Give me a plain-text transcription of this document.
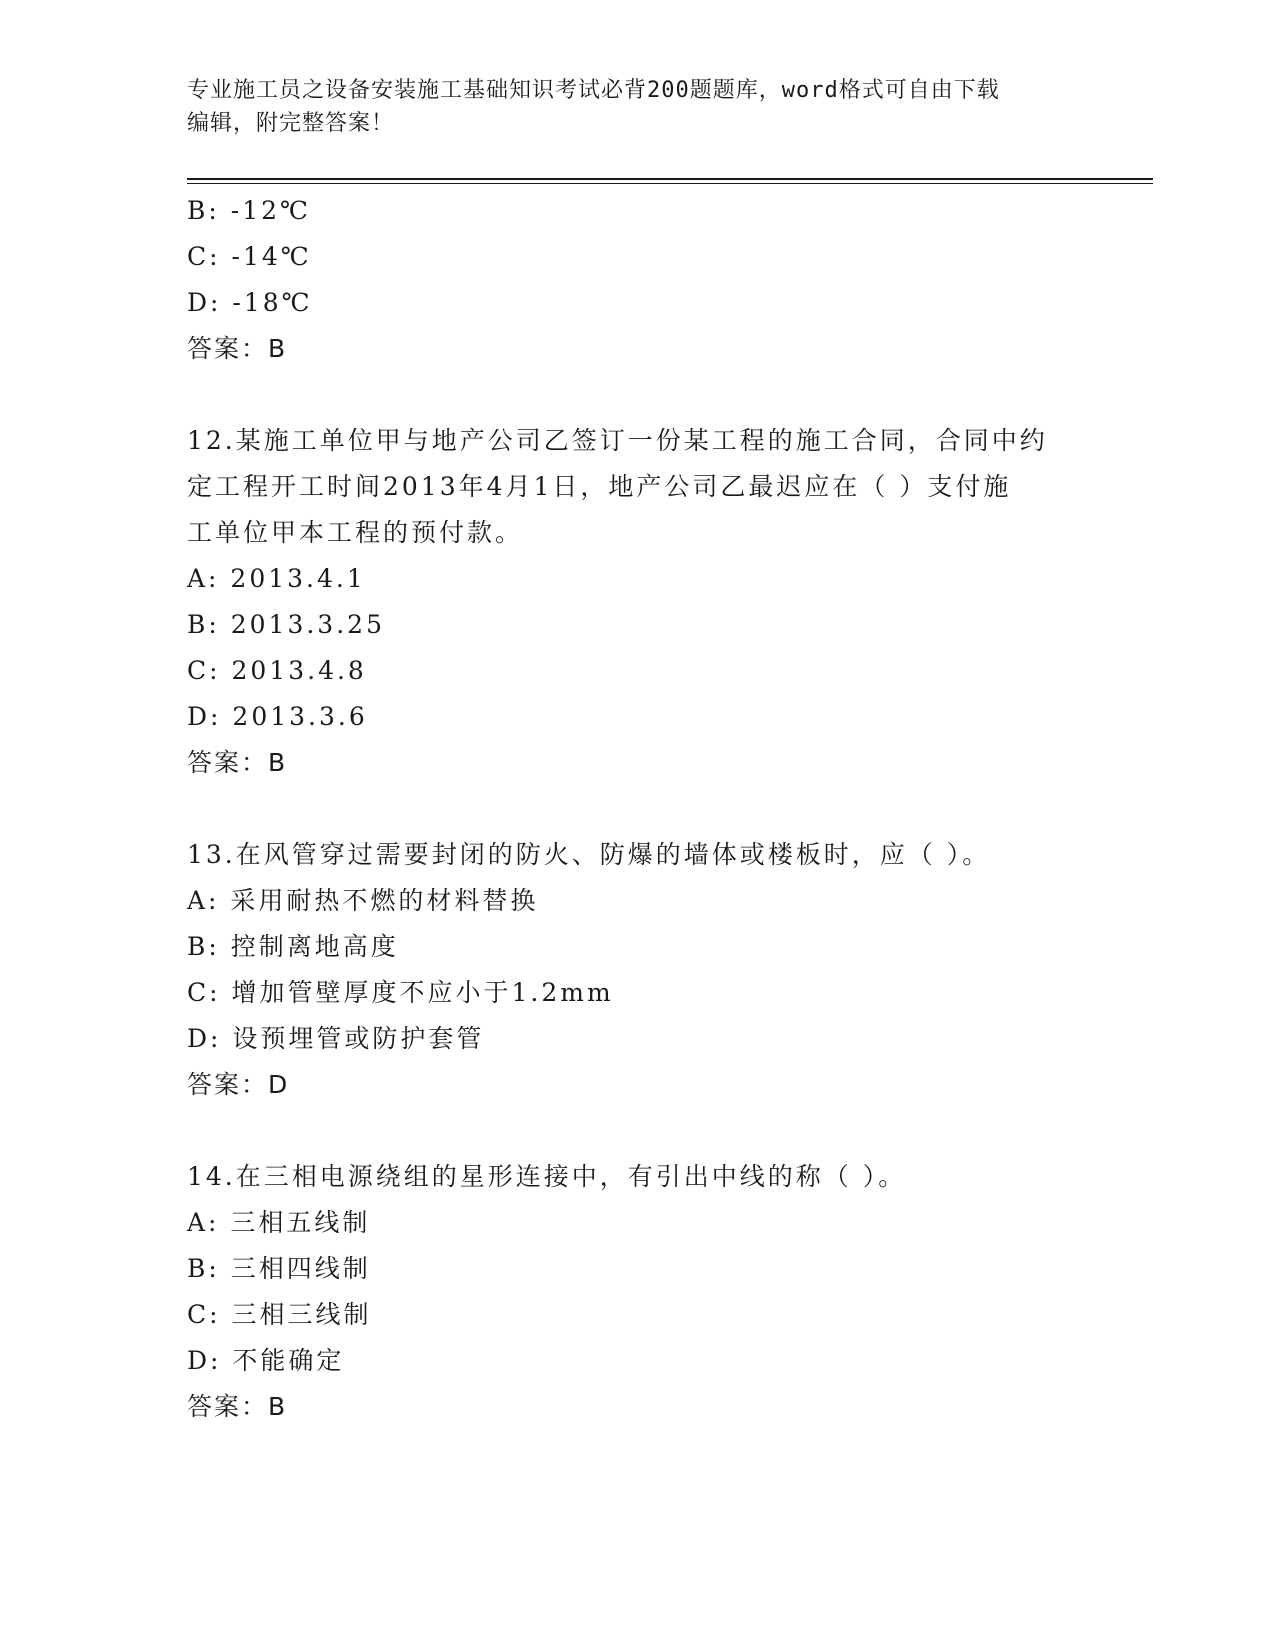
专业施工员之设备安装施工基础知识考试必背200题题库，word格式可自由下载
编辑，附完整答案！
B: -12℃
C: -14℃
D: -18℃
答案：B
12.某施工单位甲与地产公司乙签订一份某工程的施工合同，合同中约
定工程开工时间2013年4月1日，地产公司乙最迟应在（ ）支付施
工单位甲本工程的预付款。
A: 2013.4.1
B: 2013.3.25
C: 2013.4.8
D: 2013.3.6
答案：B
13.在风管穿过需要封闭的防火、防爆的墙体或楼板时，应（ ）。
A: 采用耐热不燃的材料替换
B: 控制离地高度
C: 增加管壁厚度不应小于1.2mm
D: 设预埋管或防护套管
答案：D
14.在三相电源绕组的星形连接中，有引出中线的称（ ）。
A: 三相五线制
B: 三相四线制
C: 三相三线制
D: 不能确定
答案：B
